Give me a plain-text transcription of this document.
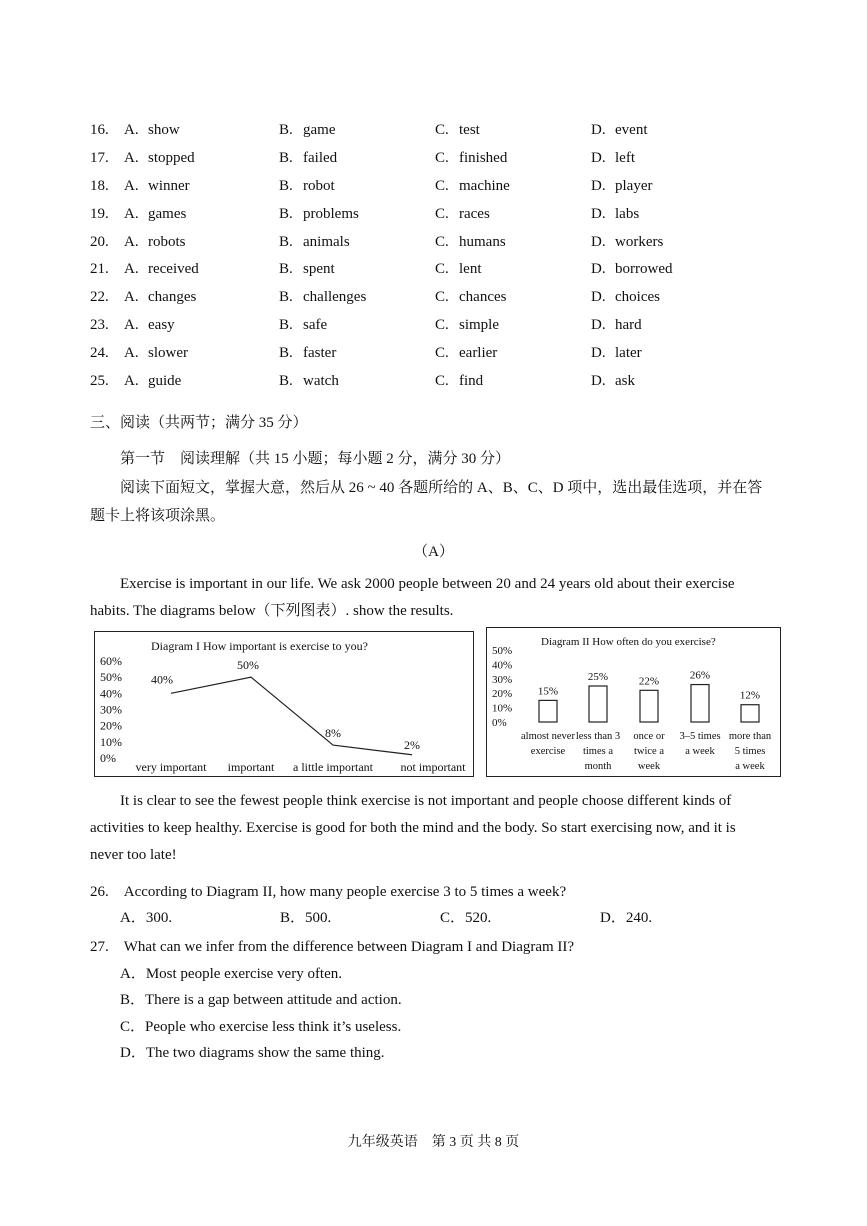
16. A. show	B. game	C. test	D. event
17. A. stopped	B. failed	C. finished	D. left
18. A. winner	B. robot	C. machine	D. player
19. A. games	B. problems	C. races	D. labs
20. A. robots	B. animals	C. humans	D. workers
21. A. received	B. spent	C. lent	D. borrowed
22. A. changes	B. challenges	C. chances	D. choices
23. A. easy	B. safe	C. simple	D. hard
24. A. slower	B. faster	C. earlier	D. later
25. A. guide	B. watch	C. find	D. ask
三、阅读（共两节；满分 35 分）
第一节　阅读理解（共 15 小题；每小题 2 分，满分 30 分）
阅读下面短文，掌握大意，然后从 26 ~ 40 各题所给的 A、B、C、D 项中，选出最佳选项，并在答题卡上将该项涂黑。
（A）
Exercise is important in our life. We ask 2000 people between 20 and 24 years old about their exercise habits. The diagrams below（下列图表）. show the results.
Diagram I How important is exercise to you?
60%
50%
40%
30%
20%
10%
0%
40%
50%
8%
2%
very important important a little important not important
Diagram II How often do you exercise?
50%
40%
30%
20%
10%
0%
15%
25%	22%	26%
12%
almost never
exercise
less than 3
times a
month
once or
twice a
week
3–5 times
a week
more than
5 times
a week
It is clear to see the fewest people think exercise is not important and people choose different kinds of activities to keep healthy. Exercise is good for both the mind and the body. So start exercising now, and it is never too late!
26.　According to Diagram II, how many people exercise 3 to 5 times a week?
A．300.	B．500.	C．520.	D．240.
27.　What can we infer from the difference between Diagram I and Diagram II?
A．Most people exercise very often.
B．There is a gap between attitude and action.
C．People who exercise less think it’s useless.
D．The two diagrams show the same thing.
九年级英语　第 3 页 共 8 页
